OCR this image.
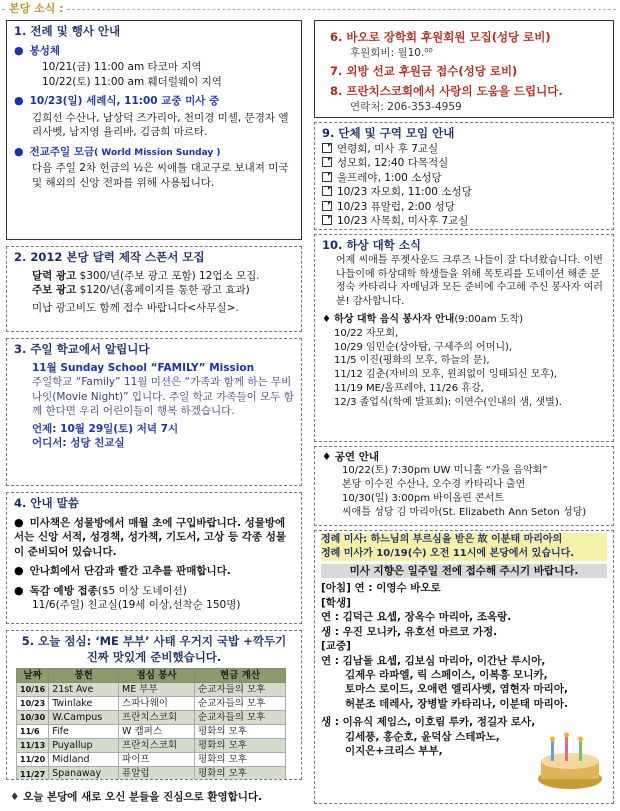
본당 소식 :
1. 전례 및 행사 안내
● 봉성체
10/21(금) 11:00 am 타코마 지역
10/22(토) 11:00 am 훼더럴웨이 지역
● 10/23(일) 세례식, 11:00 교중 미사 중
김희선 수산나, 남상덕 즈가리아, 천미경 미셸, 문경자 엘리사벳, 남지영 율리바, 김금희 마르타.
● 전교주일 모금( World Mission Sunday )
다음 주일 2차 헌금의 ½은 씨애틀 대교구로 보내져 미국 및 해외의 신앙 전파를 위해 사용됩니다.
2. 2012 본당 달력 제작 스폰서 모집
달력 광고 $300/년(주보 광고 포함) 12업소 모집.
주보 광고 $120/년(홈페이지를 통한 광고 효과)
미납 광고비도 함께 접수 바랍니다<사무실>.
3. 주일 학교에서 알립니다
11월 Sunday School “FAMILY” Mission
주일학교 “Family” 11월 미션은 “가족과 함께 하는 무비 나잇(Movie Night)” 입니다. 주일 학교 가족들이 모두 함께 한다면 우리 어린이들이 행복 하겠습니다.
언제: 10월 29일(토) 저녁 7시
어디서: 성당 친교실
4. 안내 말씀
● 미사책은 성물방에서 매월 초에 구입바랍니다. 성물방에서는 신앙 서적, 성경책, 성가책, 기도서, 고상 등 각종 성물이 준비되어 있습니다.
● 안나회에서 단감과 빨간 고추를 판매합니다.
● 독감 예방 접종($5 이상 도네이션)
11/6(주일) 친교실(19세 이상,선착순 150명)
5. 오늘 점심: ‘ME 부부’ 사태 우거지 국밥 +깍두기
진짜 맛있게 준비했습니다.
날짜	봉헌	점심 봉사	현금 계산
10/16	21st Ave	ME 부부	순교자들의 모후
10/23	Twinlake	스파나웨이	순교자들의 모후
10/30	W.Campus	프란치스코회	순교자들의 모후
11/6	Fife	W 캠퍼스	평화의 모후
11/13	Puyallup	프란치스코회	평화의 모후
11/20	Midland	파이프	평화의 모후
11/27	Spanaway	퓨알럽	평화의 모후
♦ 오늘 본당에 새로 오신 분들을 진심으로 환영합니다.
6. 바오로 장학회 후원회원 모집(성당 로비)
후원회비: 월10.⁰⁰
7. 외방 선교 후원금 접수(성당 로비)
8. 프란치스코회에서 사랑의 도움을 드립니다.
연락처: 206-353-4959
9. 단체 및 구역 모임 안내
연령회, 미사 후 7교실
성모회, 12:40 다목적실
울프레야, 1:00 소성당
10/23 자모회, 11:00 소성당
10/23 퓨알럽, 2:00 성당
10/23 사목회, 미사후 7교실
10. 하상 대학 소식
어제 씨애틀 푸젯사운드 크루즈 나들이 잘 다녀왔습니다. 이번 나들이에 하상대학 학생들을 위해 목토리를 도네이션 해준 문정숙 카타리나 자매님과 모든 준비에 수고해 주신 봉사자 여러분! 감사합니다.
♦ 하상 대학 음식 봉사자 안내(9:00am 도착)
10/22 자모회,
10/29 임민순(상아탐, 구세주의 어머니),
11/5 이진(평화의 모후, 하늘의 문),
11/12 김춘(자비의 모후, 윈죄없이 잉태되신 모후),
11/19 ME/올프레야, 11/26 휴강,
12/3 졸업식(학예 발표회): 이연수(인내의 샘, 샛별).
♦ 공연 안내
10/22(토) 7:30pm UW 미니홀 “가을 음악회”
본당 이수진 수산나, 오수경 카타리나 출연
10/30(일) 3:00pm 바이올린 콘서트
씨애틀 성당 김 마리아(St. Elizabeth Ann Seton 성당)
정례 미사: 하느님의 부르심을 받은 故 이분태 마리아의
정례 미사가 10/19(수) 오전 11시에 본당에서 있습니다.
미사 지향은 일주일 전에 접수해 주시기 바랍니다.
[아침] 연 : 이영수 바오로
[학생]
연 : 김덕근 요셉, 장옥수 마리아, 조옥랑.
생 : 우진 모니카, 유호선 마르코 가정.
[교중]
연 : 김남돌 요셉, 김보심 마리아, 이간난 루시아,
김제우 라파엘, 릭 스페이스, 이복흥 모니카,
토마스 로이드, 오애련 엘리사벳, 염현자 마리아,
허분조 데레사, 장병발 카타리나, 이분태 마리아.
생 : 이유식 제임스, 이호림 루카, 정길자 로사,
김세풍, 홍순호, 윤덕삼 스테파노,
이지은+크리스 부부,
